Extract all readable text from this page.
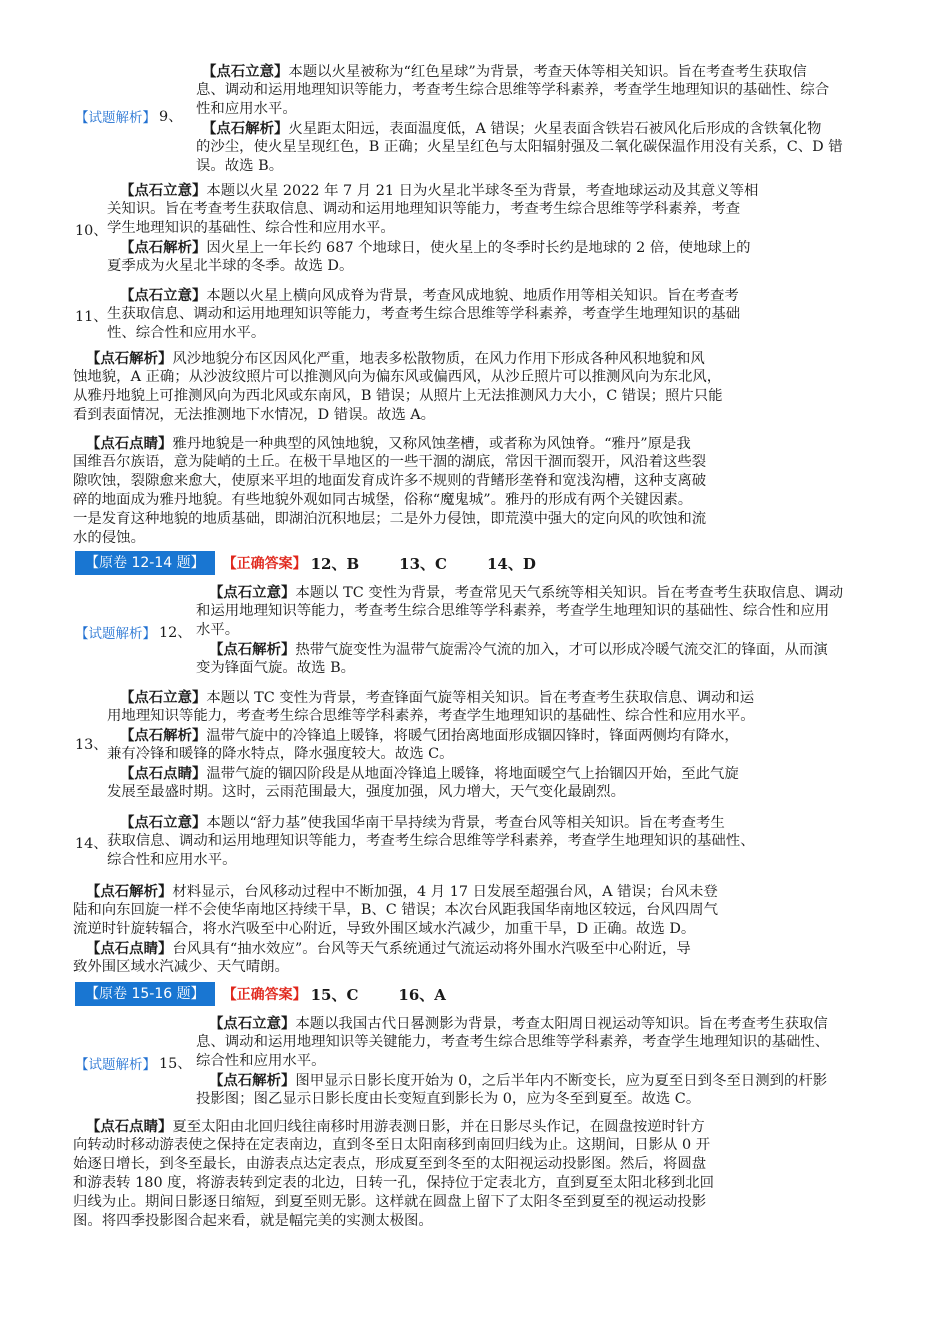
【试题解析】 9、

【点石立意】本题以火星被称为“红色星球”为背景，考查天体等相关知识。旨在考查考生获取信

息、调动和运用地理知识等能力，考查考生综合思维等学科素养，考查学生地理知识的基础性、综合

性和应用水平。

【点石解析】火星距太阳远，表面温度低，A 错误；火星表面含铁岩石被风化后形成的含铁氧化物

的沙尘，使火星呈现红色，B 正确；火星呈红色与太阳辐射强及二氧化碳保温作用没有关系，C、D 错

误。故选 B。

10、

【点石立意】本题以火星 2022 年 7 月 21 日为火星北半球冬至为背景，考查地球运动及其意义等相

关知识。旨在考查考生获取信息、调动和运用地理知识等能力，考查考生综合思维等学科素养，考查

学生地理知识的基础性、综合性和应用水平。

【点石解析】因火星上一年长约 687 个地球日，使火星上的冬季时长约是地球的 2 倍，使地球上的

夏季成为火星北半球的冬季。故选 D。

11、

【点石立意】本题以火星上横向风成脊为背景，考查风成地貌、地质作用等相关知识。旨在考查考

生获取信息、调动和运用地理知识等能力，考查考生综合思维等学科素养，考查学生地理知识的基础

性、综合性和应用水平。

【点石解析】风沙地貌分布区因风化严重，地表多松散物质，在风力作用下形成各种风积地貌和风

蚀地貌，A 正确；从沙波纹照片可以推测风向为偏东风或偏西风，从沙丘照片可以推测风向为东北风，

从雅丹地貌上可推测风向为西北风或东南风，B 错误；从照片上无法推测风力大小，C 错误；照片只能

看到表面情况，无法推测地下水情况，D 错误。故选 A。

【点石点睛】雅丹地貌是一种典型的风蚀地貌，又称风蚀垄槽，或者称为风蚀脊。“雅丹”原是我

国维吾尔族语，意为陡峭的土丘。在极干旱地区的一些干涸的湖底，常因干涸而裂开，风沿着这些裂

隙吹蚀，裂隙愈来愈大，使原来平坦的地面发育成许多不规则的背鳍形垄脊和宽浅沟槽，这种支离破

碎的地面成为雅丹地貌。有些地貌外观如同古城堡，俗称“魔鬼城”。雅丹的形成有两个关键因素。

一是发育这种地貌的地质基础，即湖泊沉积地层；二是外力侵蚀，即荒漠中强大的定向风的吹蚀和流

水的侵蚀。

【原卷 12-14 题】	【正确答案】 12、B	13、C	14、D
【试题解析】 12、

【点石立意】本题以 TC 变性为背景，考查常见天气系统等相关知识。旨在考查考生获取信息、调动

和运用地理知识等能力，考查考生综合思维等学科素养，考查学生地理知识的基础性、综合性和应用

水平。

【点石解析】热带气旋变性为温带气旋需冷气流的加入，才可以形成冷暖气流交汇的锋面，从而演

变为锋面气旋。故选 B。

13、

【点石立意】本题以 TC 变性为背景，考查锋面气旋等相关知识。旨在考查考生获取信息、调动和运

用地理知识等能力，考查考生综合思维等学科素养，考查学生地理知识的基础性、综合性和应用水平。

【点石解析】温带气旋中的冷锋追上暖锋，将暖气团抬离地面形成锢囚锋时，锋面两侧均有降水，

兼有冷锋和暖锋的降水特点，降水强度较大。故选 C。

【点石点睛】温带气旋的锢囚阶段是从地面冷锋追上暖锋，将地面暖空气上抬锢囚开始，至此气旋

发展至最盛时期。这时，云雨范围最大，强度加强，风力增大，天气变化最剧烈。

14、

【点石立意】本题以“舒力基”使我国华南干旱持续为背景，考查台风等相关知识。旨在考查考生

获取信息、调动和运用地理知识等能力，考查考生综合思维等学科素养，考查学生地理知识的基础性、

综合性和应用水平。

【点石解析】材料显示，台风移动过程中不断加强，4 月 17 日发展至超强台风，A 错误；台风未登

陆和向东回旋一样不会使华南地区持续干旱，B、C 错误；本次台风距我国华南地区较远，台风四周气

流逆时针旋转辐合，将水汽吸至中心附近，导致外围区域水汽减少，加重干旱，D 正确。故选 D。

【点石点睛】台风具有“抽水效应”。台风等天气系统通过气流运动将外围水汽吸至中心附近，导

致外围区域水汽减少、天气晴朗。

【原卷 15-16 题】	【正确答案】 15、C	16、A
【试题解析】 15、

【点石立意】本题以我国古代日晷测影为背景，考查太阳周日视运动等知识。旨在考查考生获取信

息、调动和运用地理知识等关键能力，考查考生综合思维等学科素养，考查学生地理知识的基础性、

综合性和应用水平。

【点石解析】图甲显示日影长度开始为 0，之后半年内不断变长，应为夏至日到冬至日测到的杆影

投影图；图乙显示日影长度由长变短直到影长为 0，应为冬至到夏至。故选 C。

【点石点睛】夏至太阳由北回归线往南移时用游表测日影，并在日影尽头作记，在圆盘按逆时针方

向转动时移动游表使之保持在定表南边，直到冬至日太阳南移到南回归线为止。这期间，日影从 0 开

始逐日增长，到冬至最长，由游表点达定表点，形成夏至到冬至的太阳视运动投影图。然后，将圆盘

和游表转 180 度，将游表转到定表的北边，日转一孔，保持位于定表北方，直到夏至太阳北移到北回

归线为止。期间日影逐日缩短，到夏至则无影。这样就在圆盘上留下了太阳冬至到夏至的视运动投影

图。将四季投影图合起来看，就是幅完美的实测太极图。
